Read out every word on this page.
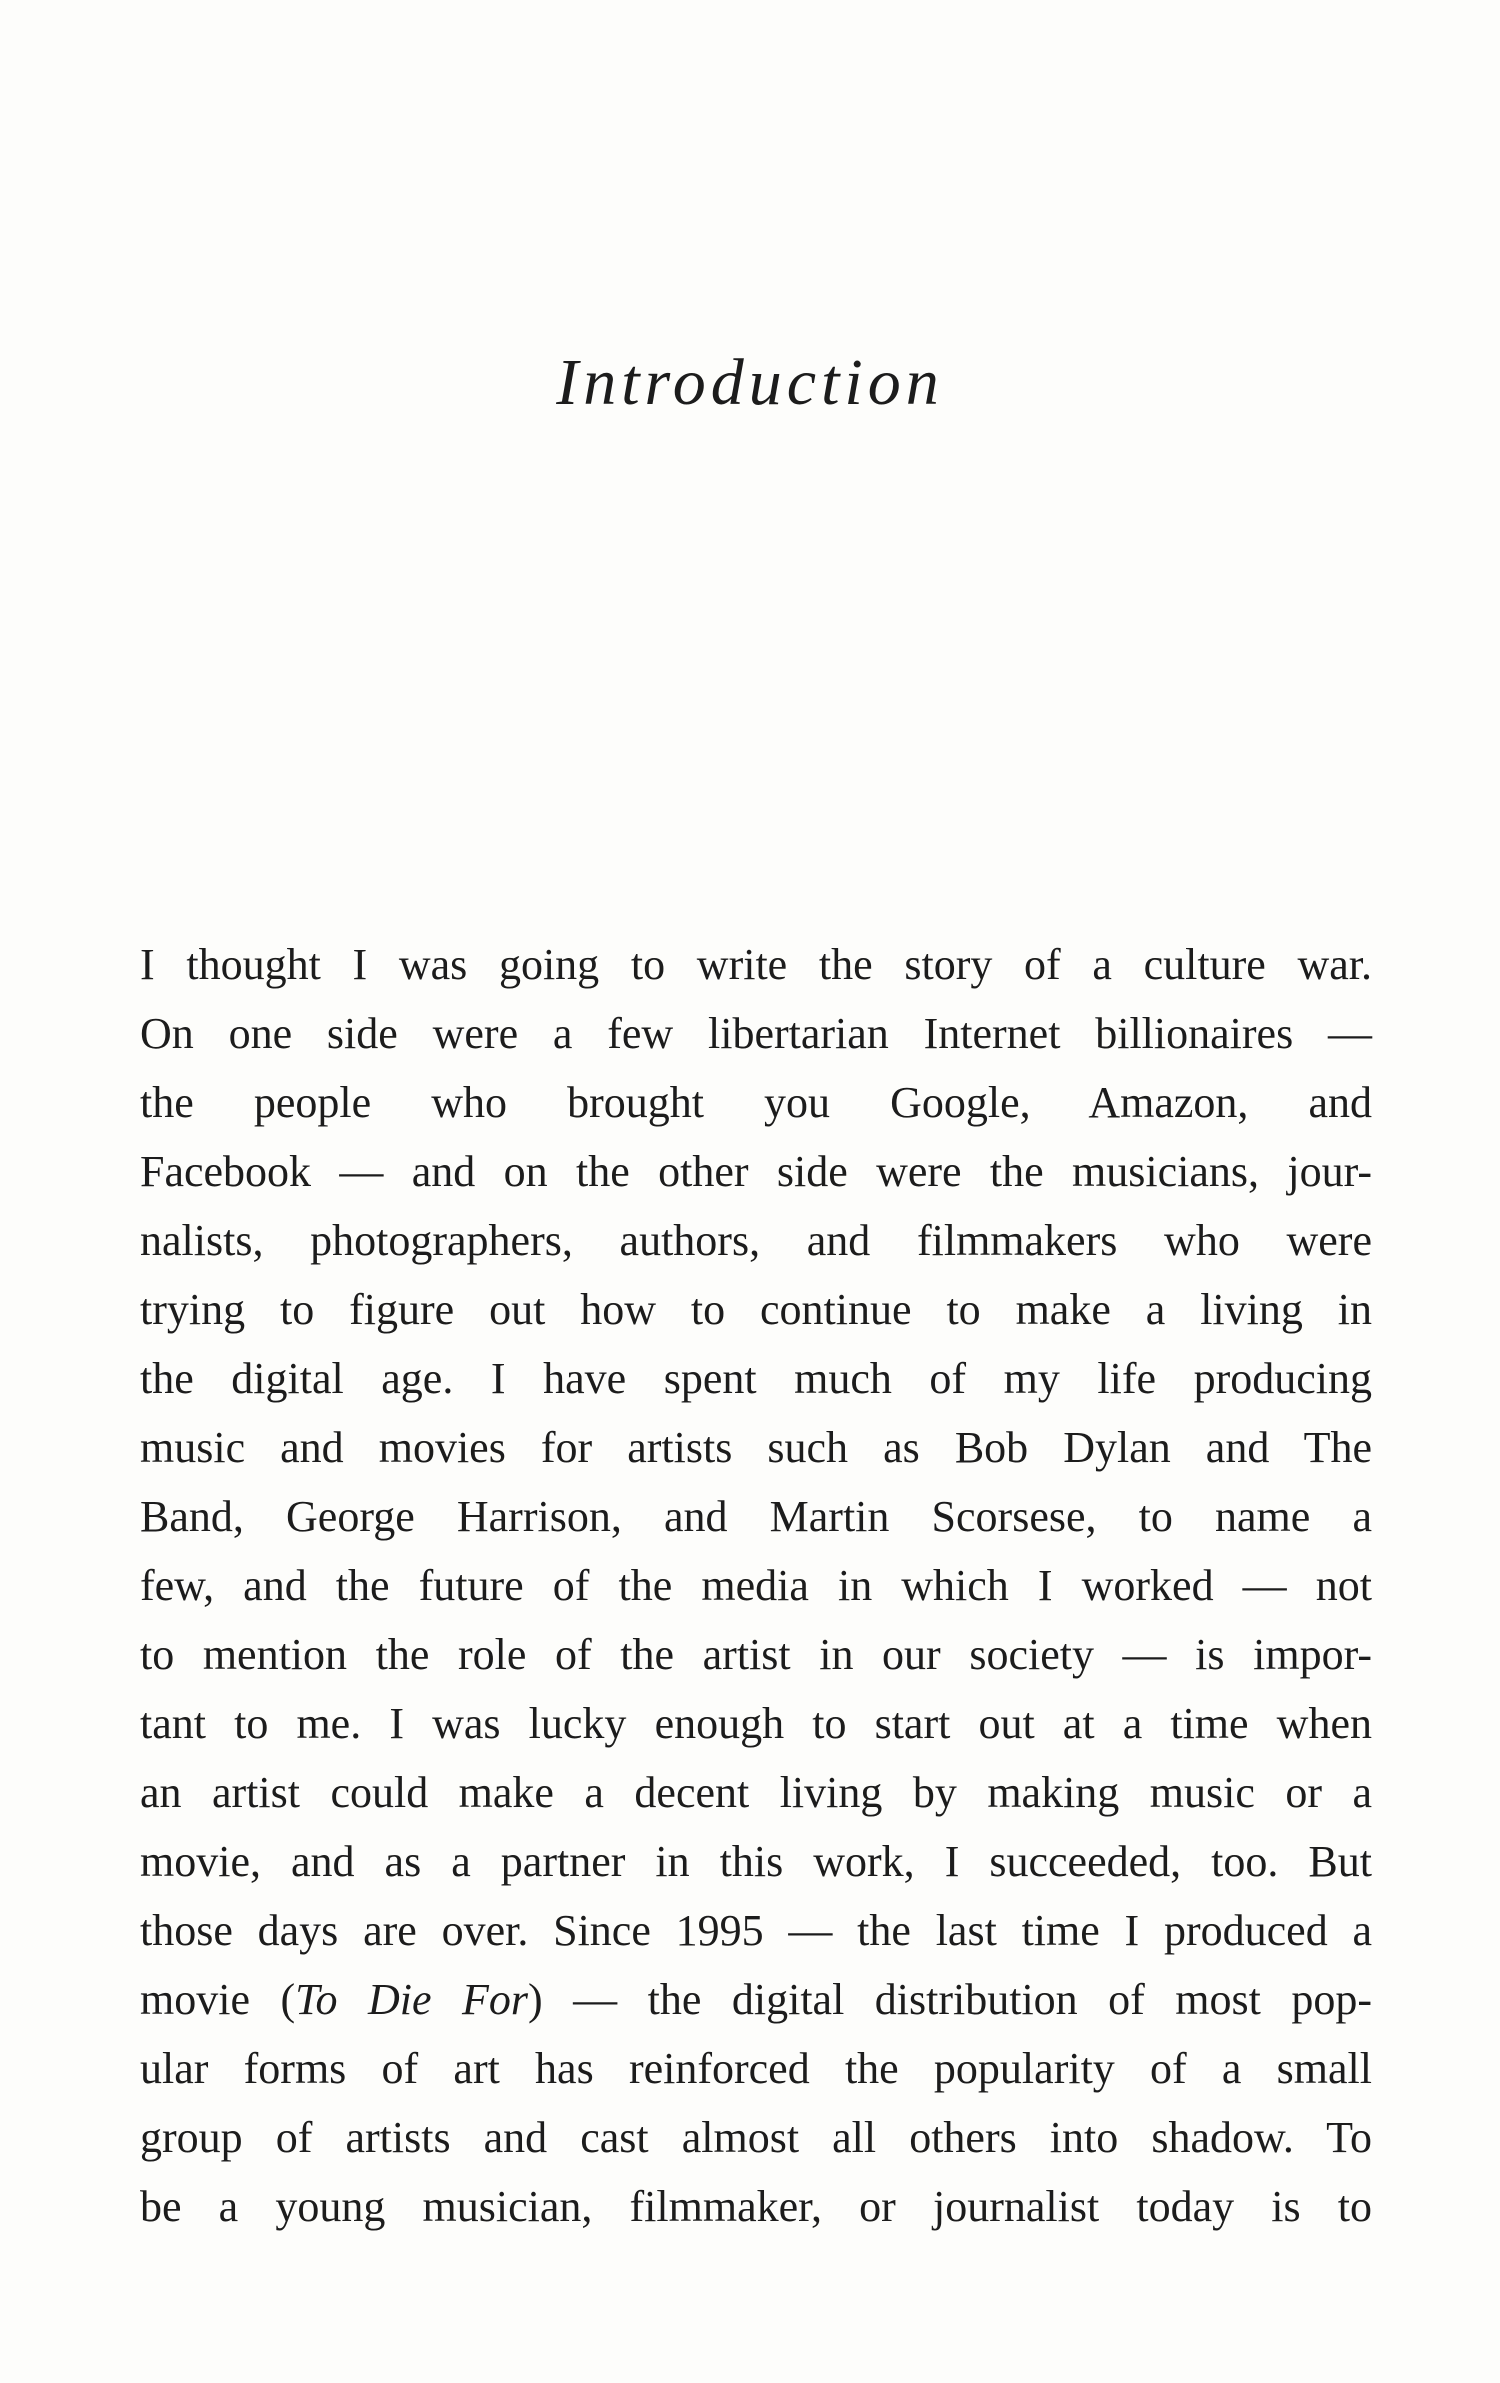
Introduction
I thought I was going to write the story of a culture war.
On one side were a few libertarian Internet billionaires —
the people who brought you Google, Amazon, and
Facebook — and on the other side were the musicians, jour-
nalists, photographers, authors, and filmmakers who were
trying to figure out how to continue to make a living in
the digital age. I have spent much of my life producing
music and movies for artists such as Bob Dylan and The
Band, George Harrison, and Martin Scorsese, to name a
few, and the future of the media in which I worked — not
to mention the role of the artist in our society — is impor-
tant to me. I was lucky enough to start out at a time when
an artist could make a decent living by making music or a
movie, and as a partner in this work, I succeeded, too. But
those days are over. Since 1995 — the last time I produced a
movie (To Die For) — the digital distribution of most pop-
ular forms of art has reinforced the popularity of a small
group of artists and cast almost all others into shadow. To
be a young musician, filmmaker, or journalist today is to
